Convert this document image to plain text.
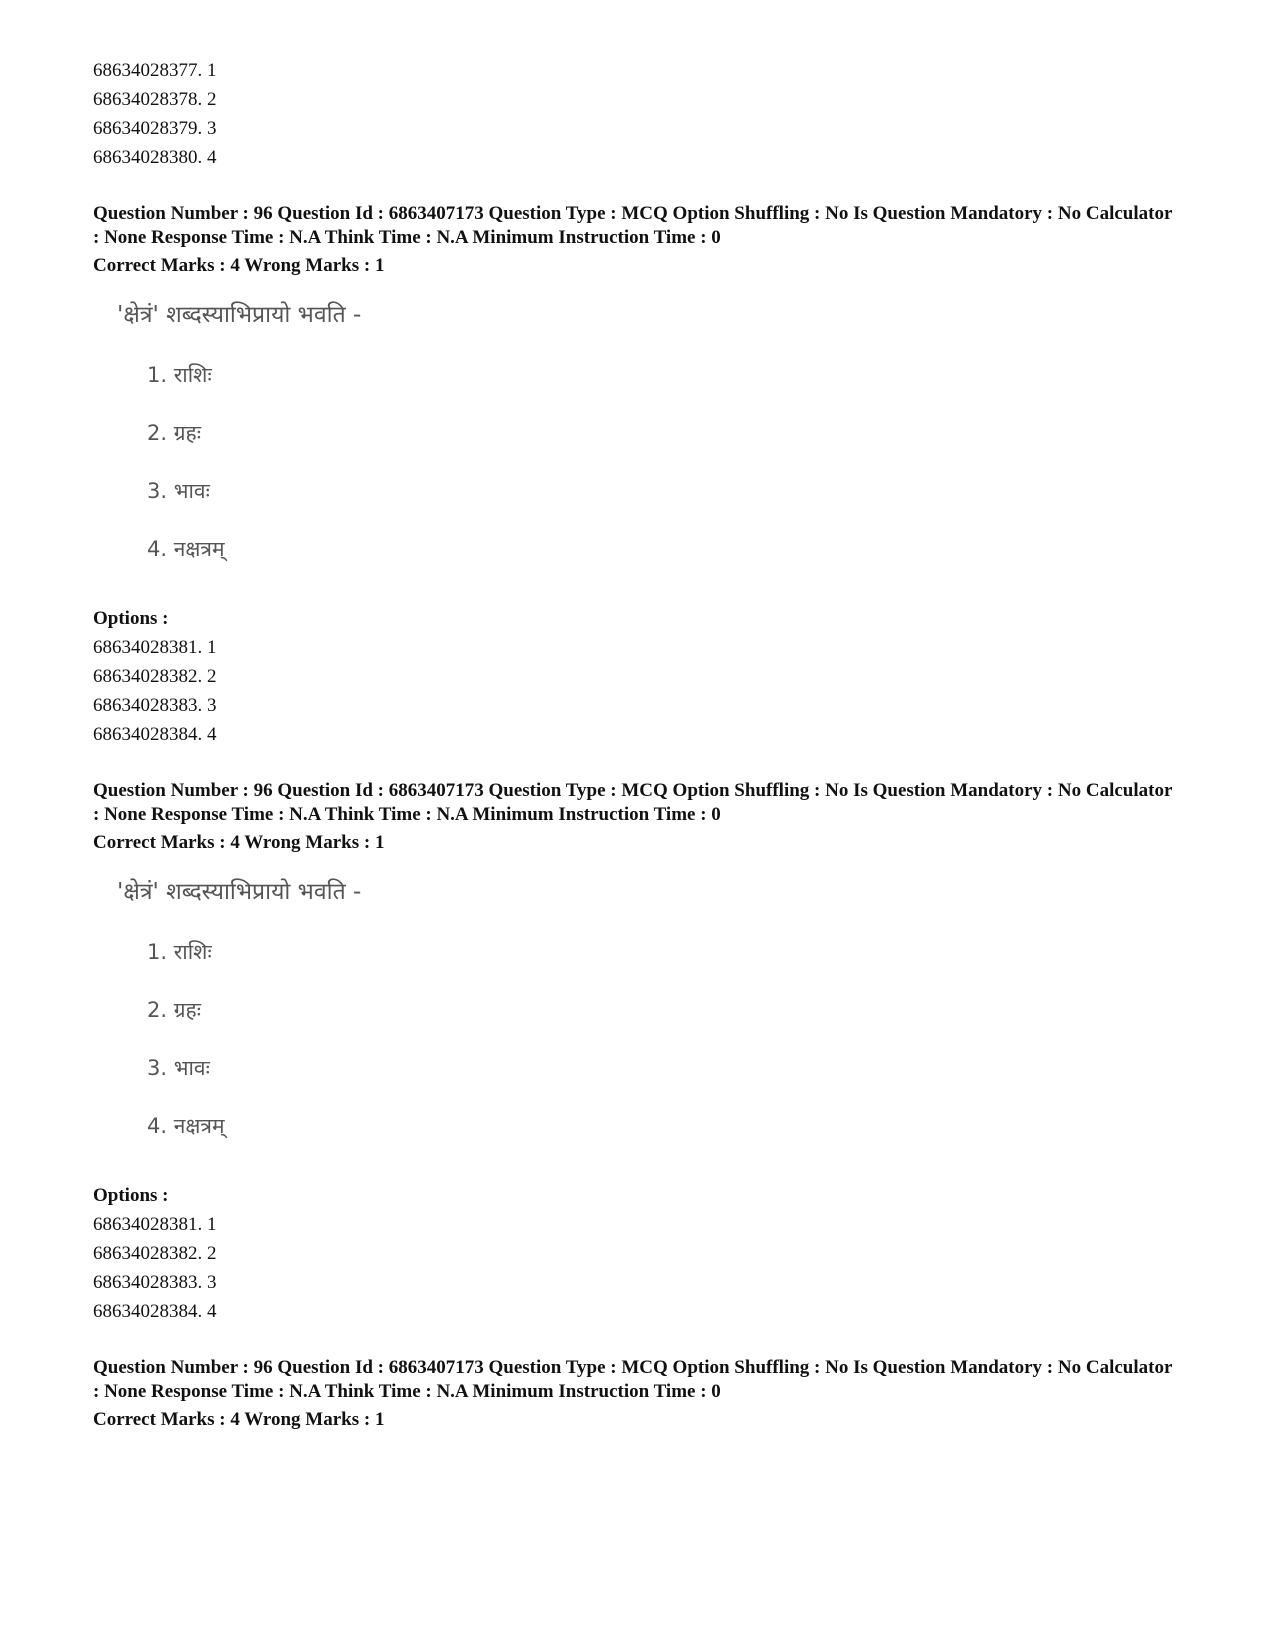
68634028377. 1
68634028378. 2
68634028379. 3
68634028380. 4
Question Number : 96 Question Id : 6863407173 Question Type : MCQ Option Shuffling : No Is Question Mandatory : No Calculator : None Response Time : N.A Think Time : N.A Minimum Instruction Time : 0
Correct Marks : 4 Wrong Marks : 1
'क्षेत्रं' शब्दस्याभिप्रायो भवति -
1. राशिः
2. ग्रहः
3. भावः
4. नक्षत्रम्
Options :
68634028381. 1
68634028382. 2
68634028383. 3
68634028384. 4
Question Number : 96 Question Id : 6863407173 Question Type : MCQ Option Shuffling : No Is Question Mandatory : No Calculator : None Response Time : N.A Think Time : N.A Minimum Instruction Time : 0
Correct Marks : 4 Wrong Marks : 1
'क्षेत्रं' शब्दस्याभिप्रायो भवति -
1. राशिः
2. ग्रहः
3. भावः
4. नक्षत्रम्
Options :
68634028381. 1
68634028382. 2
68634028383. 3
68634028384. 4
Question Number : 96 Question Id : 6863407173 Question Type : MCQ Option Shuffling : No Is Question Mandatory : No Calculator : None Response Time : N.A Think Time : N.A Minimum Instruction Time : 0
Correct Marks : 4 Wrong Marks : 1
